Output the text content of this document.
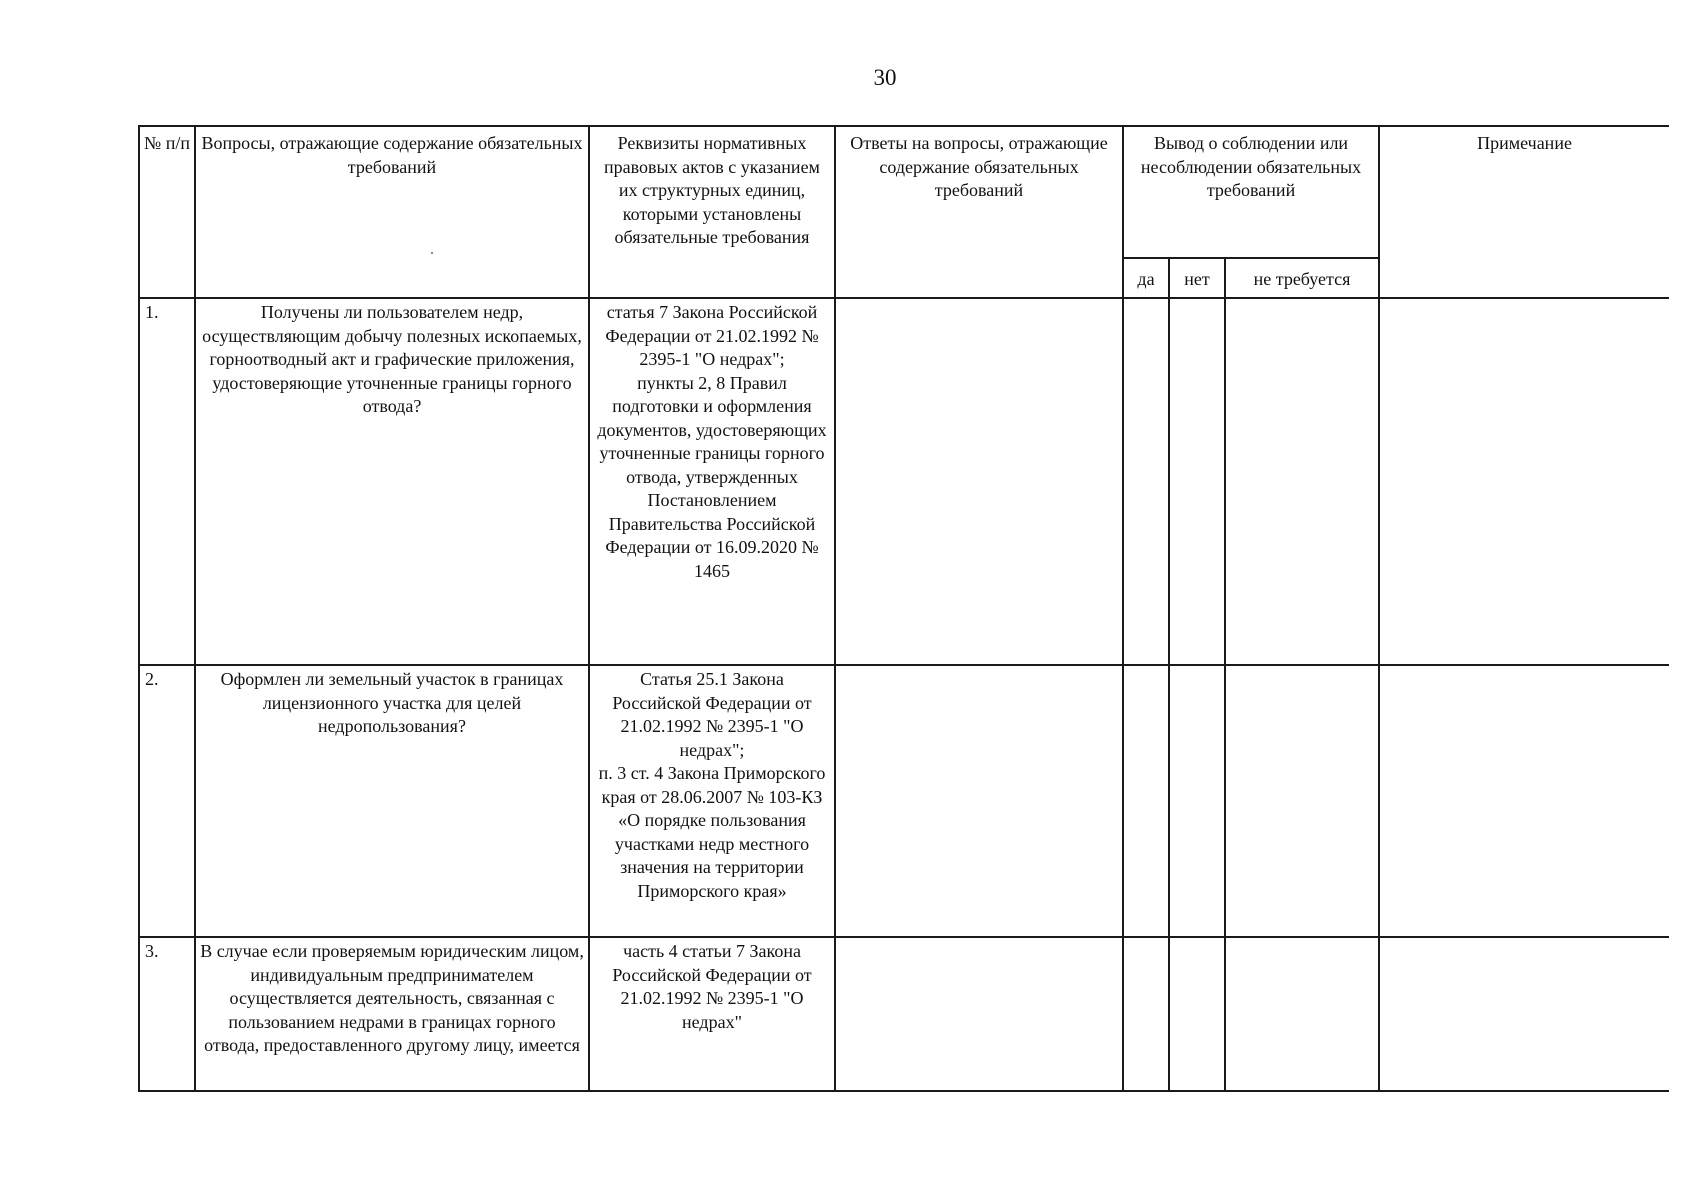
30
№ п/п	Вопросы, отражающие содержание обязательных требований	Реквизиты нормативных правовых актов с указанием их структурных единиц, которыми установлены обязательные требования	Ответы на вопросы, отражающие содержание обязательных требований	Вывод о соблюдении или несоблюдении обязательных требований			Примечание
				да	нет	не требуется	
1.	Получены ли пользователем недр, осуществляющим добычу полезных ископаемых, горноотводный акт и графические приложения, удостоверяющие уточненные границы горного отвода?	статья 7 Закона Российской Федерации от 21.02.1992 № 2395-1 "О недрах";
пункты 2, 8 Правил подготовки и оформления документов, удостоверяющих уточненные границы горного отвода, утвержденных Постановлением Правительства Российской Федерации от 16.09.2020 № 1465					

2.	Оформлен ли земельный участок в границах лицензионного участка для целей недропользования?	Статья 25.1 Закона Российской Федерации от 21.02.1992 № 2395-1 "О недрах";
п. 3 ст. 4 Закона Приморского края от 28.06.2007 № 103-КЗ «О порядке пользования участками недр местного значения на территории Приморского края»					

3.	В случае если проверяемым юридическим лицом, индивидуальным предпринимателем осуществляется деятельность, связанная с пользованием недрами в границах горного отвода, предоставленного другому лицу, имеется	часть 4 статьи 7 Закона Российской Федерации от 21.02.1992 № 2395-1 "О недрах"					
